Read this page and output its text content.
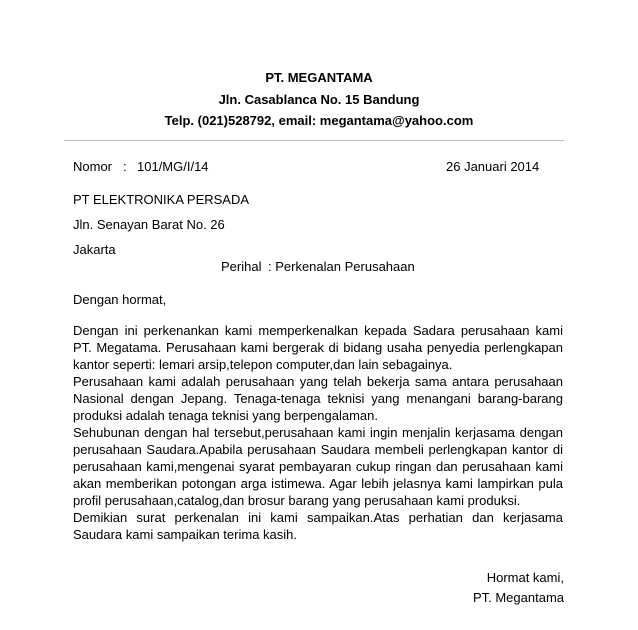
PT. MEGANTAMA
Jln. Casablanca No. 15 Bandung
Telp. (021)528792, email: megantama@yahoo.com
Nomor : 101/MG/I/14	26 Januari 2014
PT ELEKTRONIKA PERSADA
Jln. Senayan Barat No. 26
Jakarta
Perihal : Perkenalan Perusahaan
Dengan hormat,
Dengan ini perkenankan kami memperkenalkan kepada Sadara perusahaan kami PT. Megatama. Perusahaan kami bergerak di bidang usaha penyedia perlengkapan kantor seperti: lemari arsip,telepon computer,dan lain sebagainya.
Perusahaan kami adalah perusahaan yang telah bekerja sama antara perusahaan Nasional dengan Jepang. Tenaga-tenaga teknisi yang menangani barang-barang produksi adalah tenaga teknisi yang berpengalaman.
Sehubunan dengan hal tersebut,perusahaan kami ingin menjalin kerjasama dengan perusahaan Saudara.Apabila perusahaan Saudara membeli perlengkapan kantor di perusahaan kami,mengenai syarat pembayaran cukup ringan dan perusahaan kami akan memberikan potongan arga istimewa. Agar lebih jelasnya kami lampirkan pula profil perusahaan,catalog,dan brosur barang yang perusahaan kami produksi.
Demikian surat perkenalan ini kami sampaikan.Atas perhatian dan kerjasama Saudara kami sampaikan terima kasih.
Hormat kami,
PT. Megantama
